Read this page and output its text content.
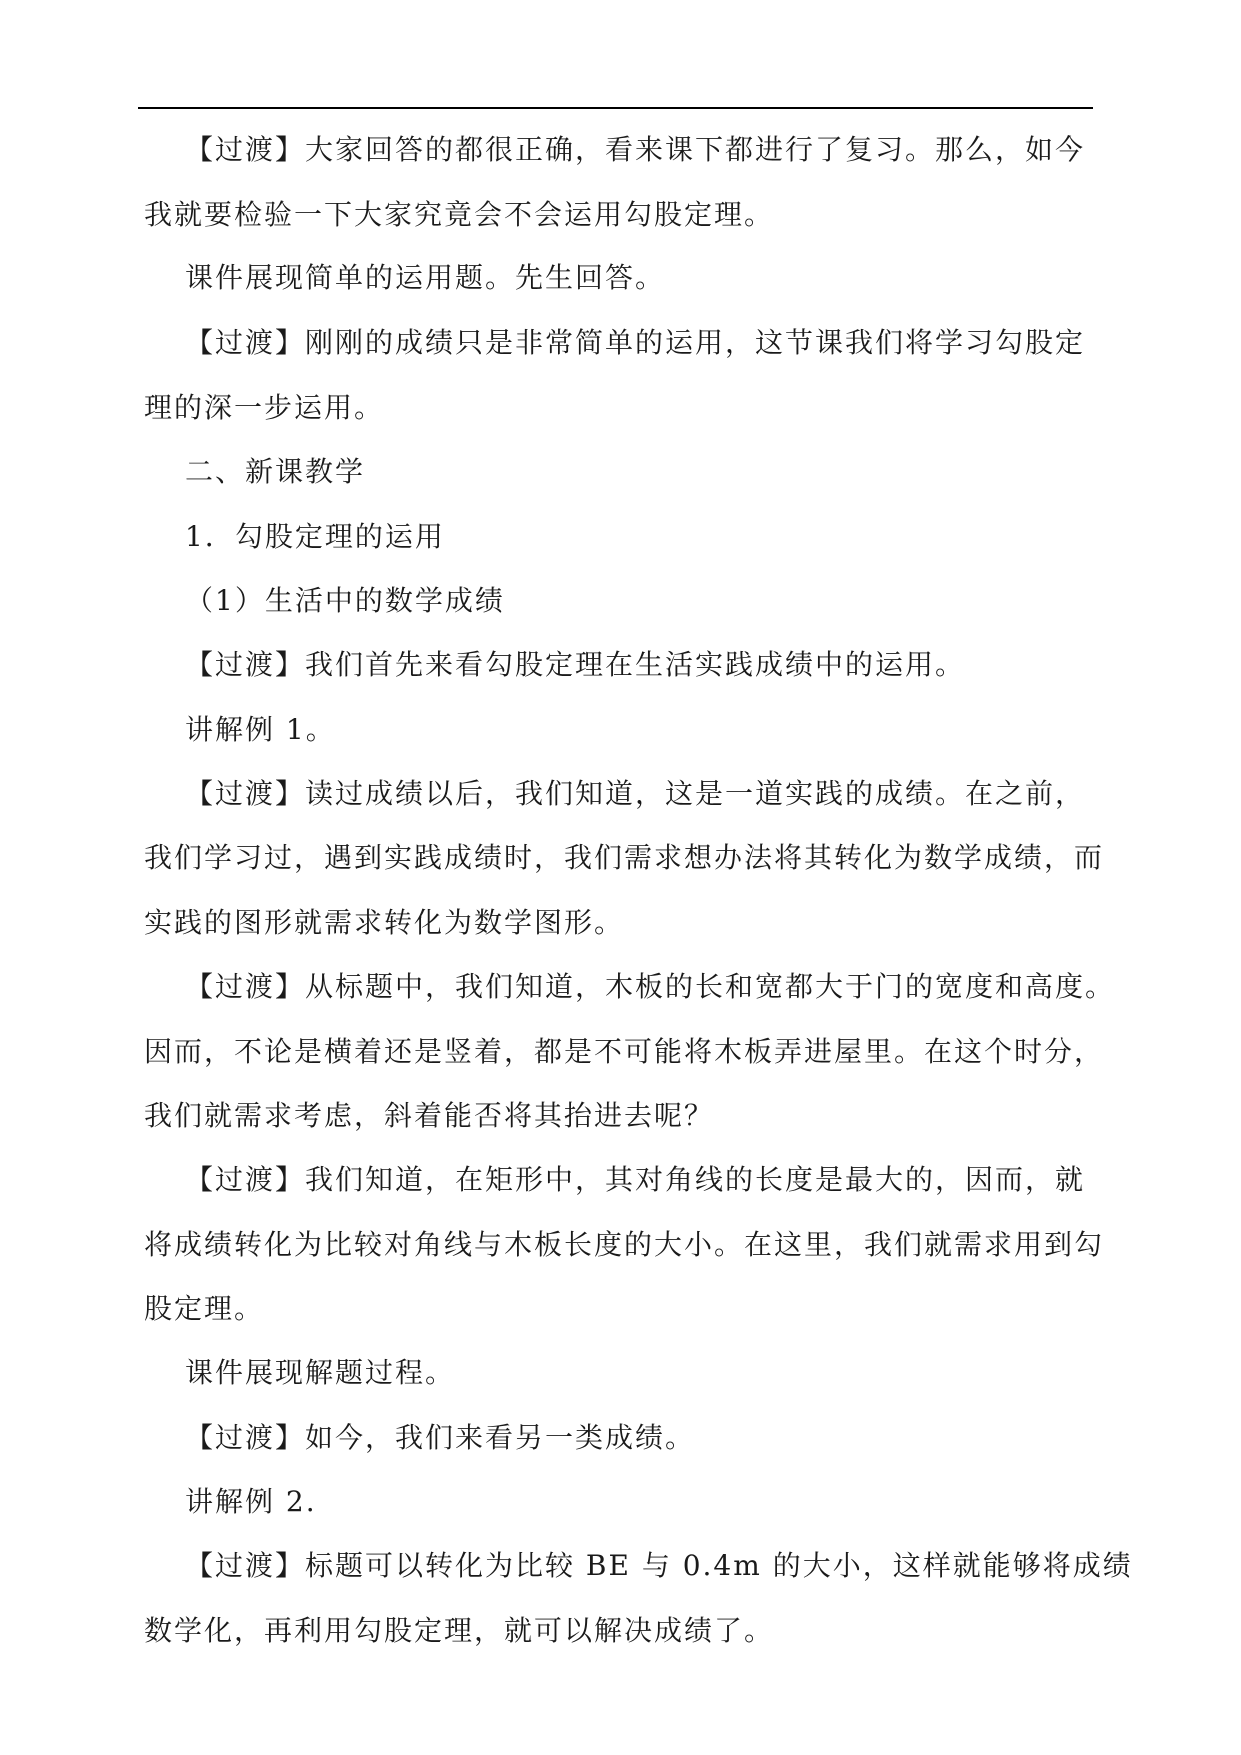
【过渡】大家回答的都很正确，看来课下都进行了复习。那么，如今
我就要检验一下大家究竟会不会运用勾股定理。
课件展现简单的运用题。先生回答。
【过渡】刚刚的成绩只是非常简单的运用，这节课我们将学习勾股定
理的深一步运用。
二、新课教学
1．勾股定理的运用
（1）生活中的数学成绩
【过渡】我们首先来看勾股定理在生活实践成绩中的运用。
讲解例 1。
【过渡】读过成绩以后，我们知道，这是一道实践的成绩。在之前，
我们学习过，遇到实践成绩时，我们需求想办法将其转化为数学成绩，而
实践的图形就需求转化为数学图形。
【过渡】从标题中，我们知道，木板的长和宽都大于门的宽度和高度。
因而，不论是横着还是竖着，都是不可能将木板弄进屋里。在这个时分，
我们就需求考虑，斜着能否将其抬进去呢？
【过渡】我们知道，在矩形中，其对角线的长度是最大的，因而，就
将成绩转化为比较对角线与木板长度的大小。在这里，我们就需求用到勾
股定理。
课件展现解题过程。
【过渡】如今，我们来看另一类成绩。
讲解例 2.
【过渡】标题可以转化为比较 BE 与 0.4m 的大小，这样就能够将成绩
数学化，再利用勾股定理，就可以解决成绩了。
